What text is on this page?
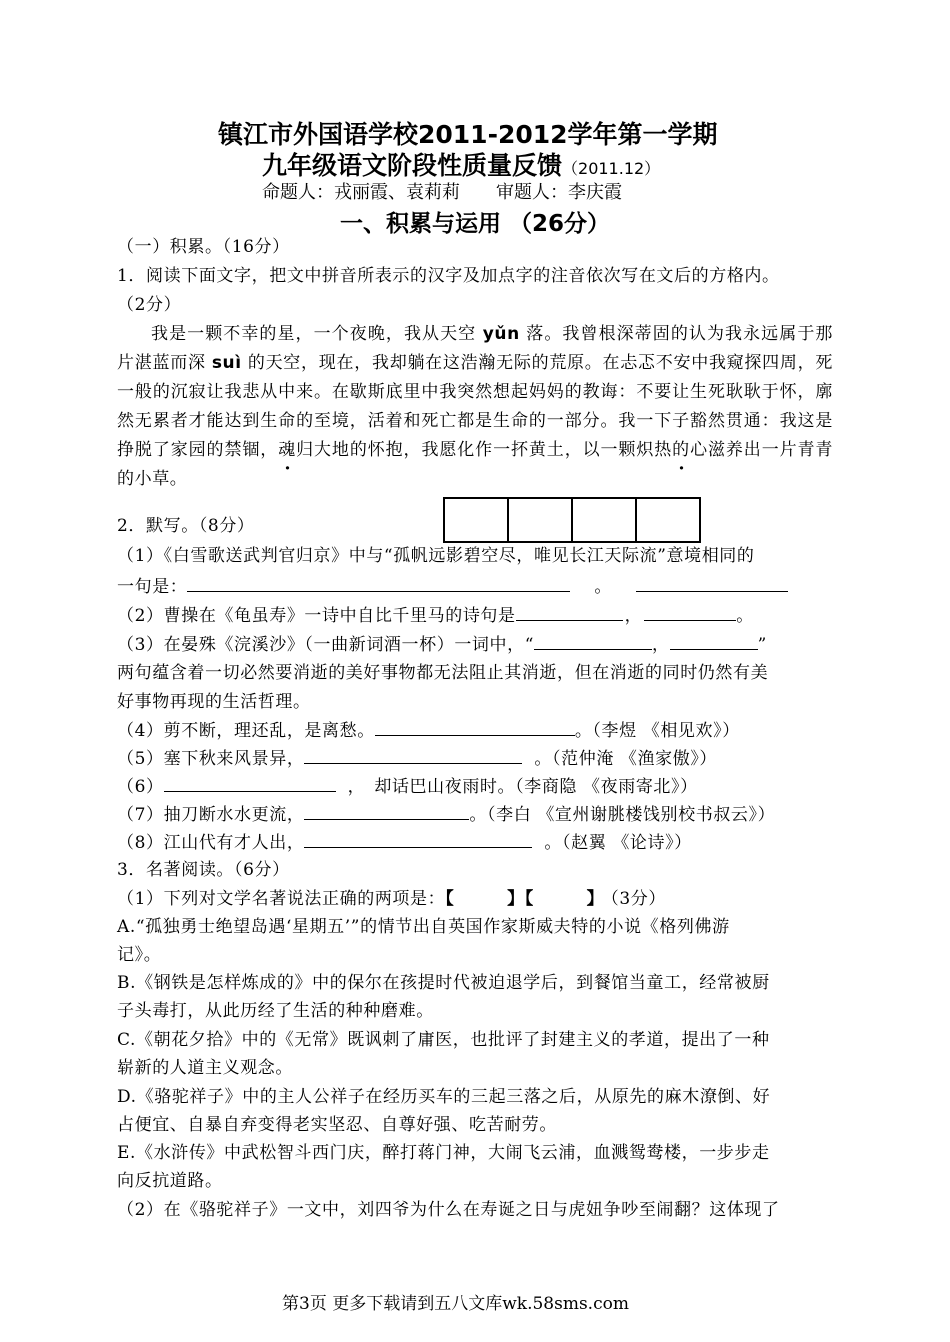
镇江市外国语学校2011-2012学年第一学期
九年级语文阶段性质量反馈（2011.12）
命题人：戎丽霞、袁莉莉　　审题人：李庆霞
一、积累与运用 （26分）
（一）积累。（16分）
1．阅读下面文字，把文中拼音所表示的汉字及加点字的注音依次写在文后的方格内。
（2分）
我是一颗不幸的星，一个夜晚，我从天空 yǔn 落。我曾根深蒂固的认为我永远属于那片湛蓝而深 suì 的天空，现在，我却躺在这浩瀚无际的荒原。在忐忑不安中我窥探四周，死一般的沉寂让我悲从中来。在歇斯底里中我突然想起妈妈的教诲：不要让生死耿耿于怀，廓然无累者才能达到生命的至境，活着和死亡都是生命的一部分。我一下子豁然贯通：我这是挣脱了家园的禁锢 ·，魂归大地的怀抱，我愿化作一抔黄土，以一颗炽 ·热的心滋养出一片青青的小草。
2．默写。（8分）
（1）《白雪歌送武判官归京》中与“孤帆远影碧空尽，唯见长江天际流”意境相同的
一句是：	。
（2）曹操在《龟虽寿》一诗中自比千里马的诗句是	，	。
（3）在晏殊《浣溪沙》（一曲新词酒一杯）一词中，“	，	”
两句蕴含着一切必然要消逝的美好事物都无法阻止其消逝，但在消逝的同时仍然有美
好事物再现的生活哲理。
（4）剪不断，理还乱，是离愁。	。（李煜 《相见欢》）
（5）塞下秋来风景异，	。（范仲淹 《渔家傲》）
（6）	，　却话巴山夜雨时。（李商隐 《夜雨寄北》）
（7）抽刀断水水更流，	。（李白 《宣州谢朓楼饯别校书叔云》）
（8）江山代有才人出，	。（赵翼 《论诗》）
3．名著阅读。（6分）
（1）下列对文学名著说法正确的两项是：【　　　】【　　　】 （3分）
A.“孤独勇士绝望岛遇‘星期五’”的情节出自英国作家斯威夫特的小说《格列佛游
记》。
B.《钢铁是怎样炼成的》中的保尔在孩提时代被迫退学后，到餐馆当童工，经常被厨
子头毒打，从此历经了生活的种种磨难。
C.《朝花夕拾》中的《无常》既讽刺了庸医，也批评了封建主义的孝道，提出了一种
崭新的人道主义观念。
D.《骆驼祥子》中的主人公祥子在经历买车的三起三落之后，从原先的麻木潦倒、好
占便宜、自暴自弃变得老实坚忍、自尊好强、吃苦耐劳。
E.《水浒传》中武松智斗西门庆，醉打蒋门神，大闹飞云浦，血溅鸳鸯楼，一步步走
向反抗道路。
（2）在《骆驼祥子》一文中，刘四爷为什么在寿诞之日与虎妞争吵至闹翻？这体现了
第3页 更多下载请到五八文库wk.58sms.com
